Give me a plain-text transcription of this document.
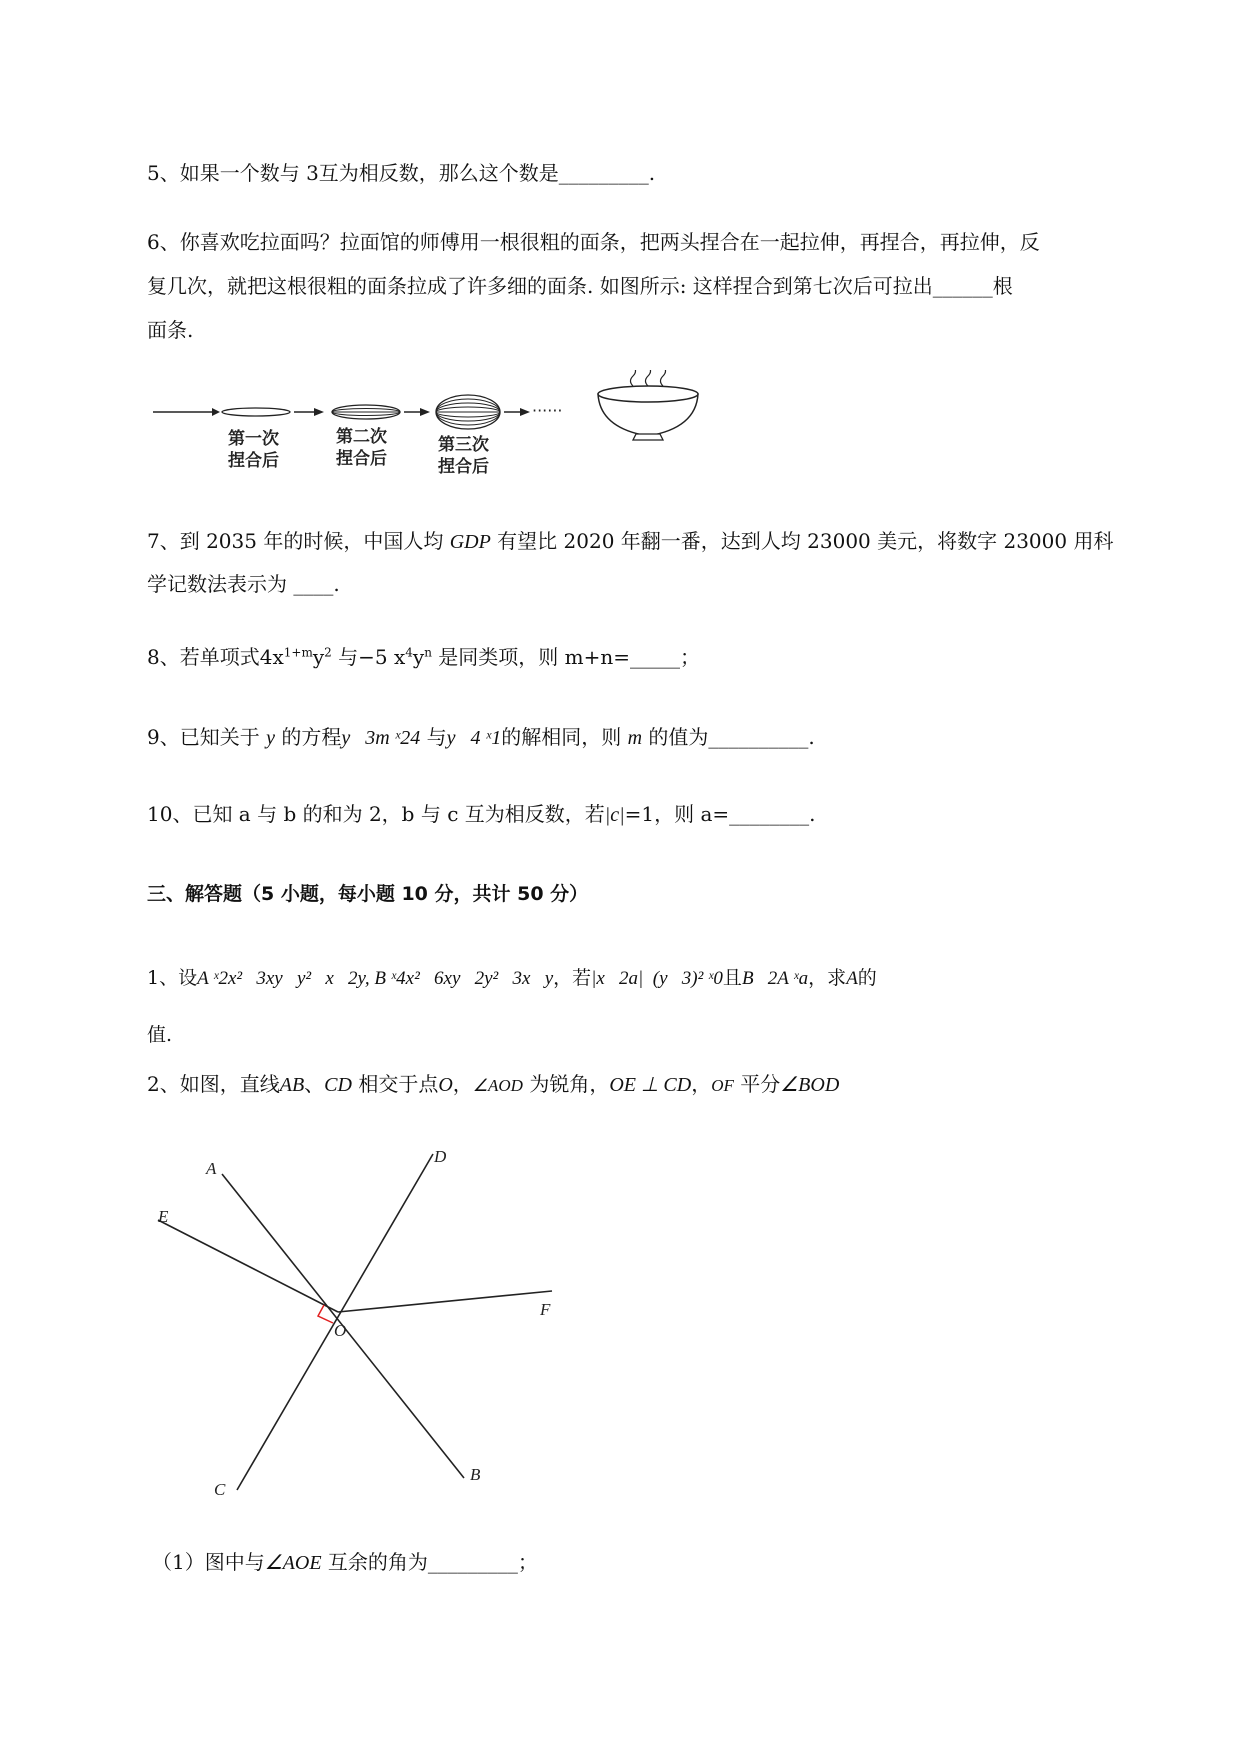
5、如果一个数与 3互为相反数，那么这个数是_________.
6、你喜欢吃拉面吗？拉面馆的师傅用一根很粗的面条，把两头捏合在一起拉伸，再捏合，再拉伸，反
复几次，就把这根很粗的面条拉成了许多细的面条. 如图所示: 这样捏合到第七次后可拉出______根
面条.
······
第一次
捏合后
第二次
捏合后
第三次
捏合后
7、到 2035 年的时候，中国人均 GDP 有望比 2020 年翻一番，达到人均 23000 美元，将数字 23000 用科
学记数法表示为 ____.
8、若单项式$4x^{1+m}y^2$ 与−5 $x^4y^n$ 是同类项，则 m+n=_____；
9、已知关于 y 的方程y   3m ˣ24 与y   4 ˣ1的解相同，则 m 的值为__________.
10、已知 a 与 b 的和为 2，b 与 c 互为相反数，若|c|=1，则 a=________.
三、解答题（5 小题，每小题 10 分，共计 50 分）
1、设A ˣ2x²   3xy   y²   x   2y, B ˣ4x²   6xy   2y²   3x   y，若|x   2a|  (y   3)² ˣ0且B   2A ˣa，求A的
值.
2、如图，直线AB、CD 相交于点O，∠AOD 为锐角，OE ⊥ CD，OF 平分∠BOD
A
D
E
F
O
B
C
（1）图中与∠AOE 互余的角为_________；
